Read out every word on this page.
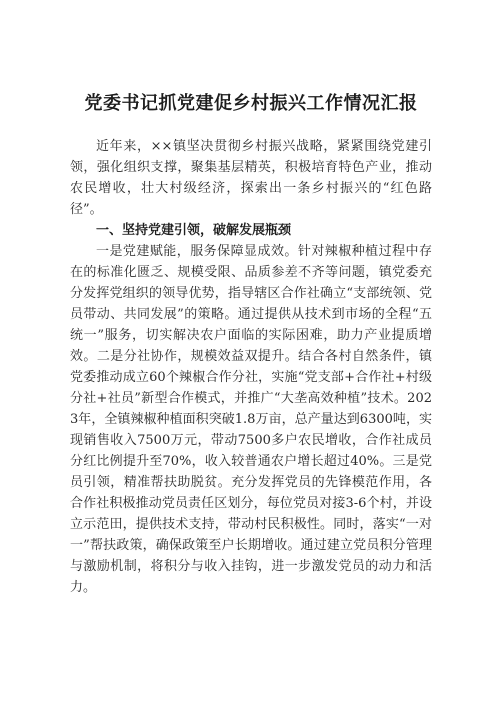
党委书记抓党建促乡村振兴工作情况汇报

近年来，××镇坚决贯彻乡村振兴战略，紧紧围绕党建引领，强化组织支撑，聚集基层精英，积极培育特色产业，推动农民增收，壮大村级经济，探索出一条乡村振兴的“红色路径”。

一、坚持党建引领，破解发展瓶颈

一是党建赋能，服务保障显成效。针对辣椒种植过程中存在的标准化匮乏、规模受限、品质参差不齐等问题，镇党委充分发挥党组织的领导优势，指导辖区合作社确立“支部统领、党员带动、共同发展”的策略。通过提供从技术到市场的全程“五统一”服务，切实解决农户面临的实际困难，助力产业提质增效。二是分社协作，规模效益双提升。结合各村自然条件，镇党委推动成立60个辣椒合作分社，实施“党支部+合作社+村级分社+社员”新型合作模式，并推广“大垄高效种植”技术。2023年，全镇辣椒种植面积突破1.8万亩，总产量达到6300吨，实现销售收入7500万元，带动7500多户农民增收，合作社成员分红比例提升至70%，收入较普通农户增长超过40%。三是党员引领，精准帮扶助脱贫。充分发挥党员的先锋模范作用，各合作社积极推动党员责任区划分，每位党员对接3-6个村，并设立示范田，提供技术支持，带动村民积极性。同时，落实“一对一”帮扶政策，确保政策至户长期增收。通过建立党员积分管理与激励机制，将积分与收入挂钩，进一步激发党员的动力和活力。
